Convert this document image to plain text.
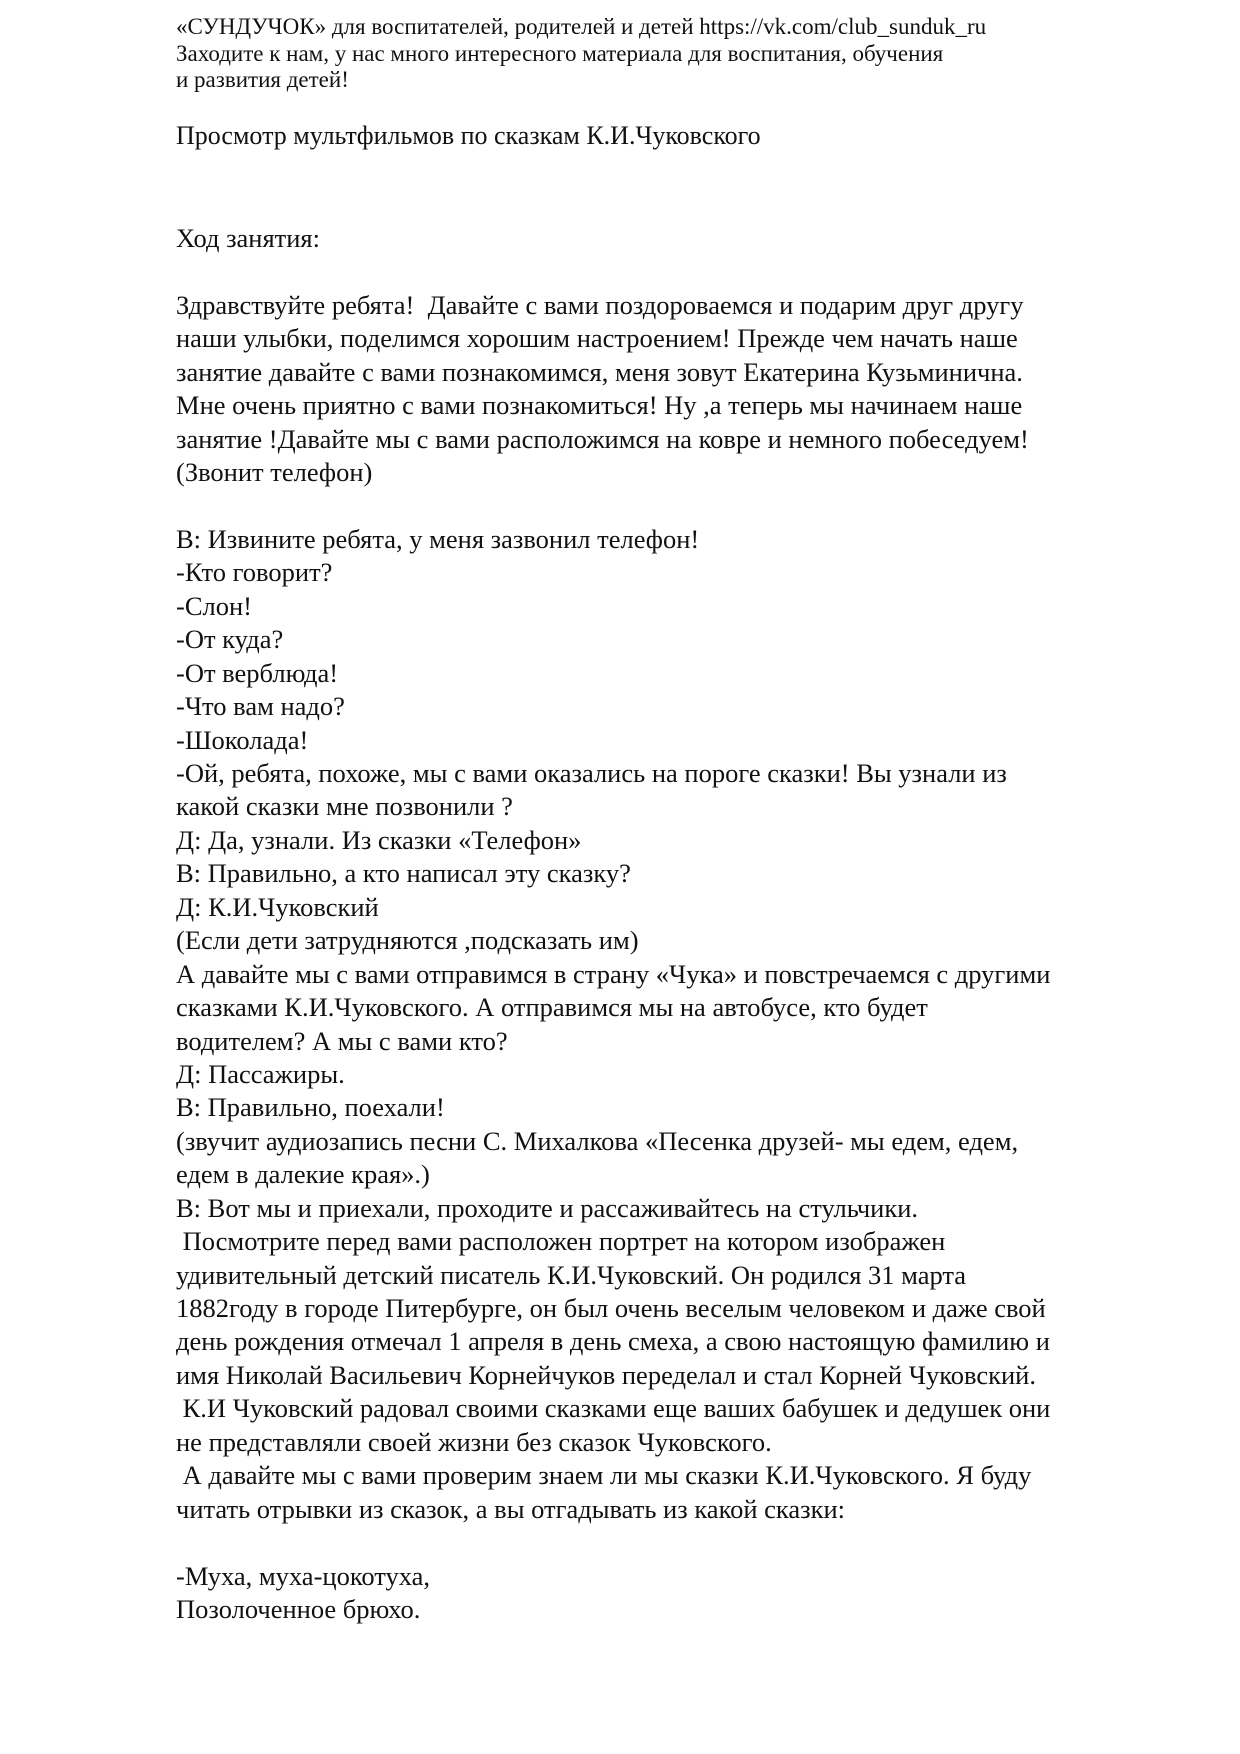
«СУНДУЧОК» для воспитателей, родителей и детей https://vk.com/club_sunduk_ru
Заходите к нам, у нас много интересного материала для воспитания, обучения
и развития детей!
Просмотр мультфильмов по сказкам К.И.Чуковского
Ход занятия:
Здравствуйте ребята!  Давайте с вами поздороваемся и подарим друг другу
наши улыбки, поделимся хорошим настроением! Прежде чем начать наше
занятие давайте с вами познакомимся, меня зовут Екатерина Кузьминична.
Мне очень приятно с вами познакомиться! Ну ,а теперь мы начинаем наше
занятие !Давайте мы с вами расположимся на ковре и немного побеседуем!
(Звонит телефон)
В: Извините ребята, у меня зазвонил телефон!
-Кто говорит?
-Слон!
-От куда?
-От верблюда!
-Что вам надо?
-Шоколада!
-Ой, ребята, похоже, мы с вами оказались на пороге сказки! Вы узнали из
какой сказки мне позвонили ?
Д: Да, узнали. Из сказки «Телефон»
В: Правильно, а кто написал эту сказку?
Д: К.И.Чуковский
(Если дети затрудняются ,подсказать им)
А давайте мы с вами отправимся в страну «Чука» и повстречаемся с другими
сказками К.И.Чуковского. А отправимся мы на автобусе, кто будет
водителем? А мы с вами кто?
Д: Пассажиры.
В: Правильно, поехали!
(звучит аудиозапись песни С. Михалкова «Песенка друзей- мы едем, едем,
едем в далекие края».)
В: Вот мы и приехали, проходите и рассаживайтесь на стульчики.
Посмотрите перед вами расположен портрет на котором изображен
удивительный детский писатель К.И.Чуковский. Он родился 31 марта
1882году в городе Питербурге, он был очень веселым человеком и даже свой
день рождения отмечал 1 апреля в день смеха, а свою настоящую фамилию и
имя Николай Васильевич Корнейчуков переделал и стал Корней Чуковский.
К.И Чуковский радовал своими сказками еще ваших бабушек и дедушек они
не представляли своей жизни без сказок Чуковского.
А давайте мы с вами проверим знаем ли мы сказки К.И.Чуковского. Я буду
читать отрывки из сказок, а вы отгадывать из какой сказки:
-Муха, муха-цокотуха,
Позолоченное брюхо.
